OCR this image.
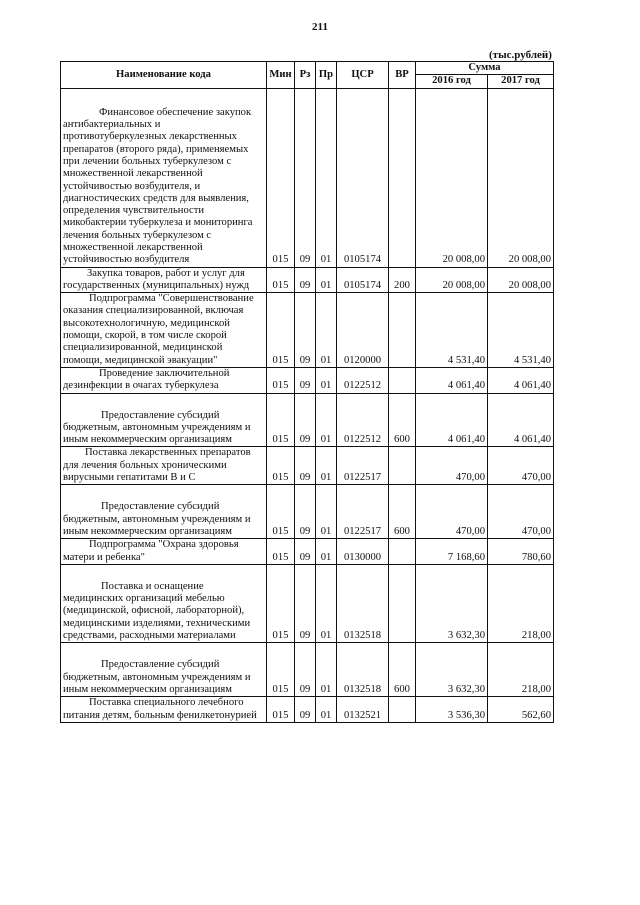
211
(тыс.рублей)
Наименование кода	Мин	Рз	Пр	ЦСР	ВР	Сумма	
						2016 год	2017 год
Финансовое обеспечение закупок антибактериальных и противотуберкулезных лекарственных препаратов (второго ряда), применяемых при лечении больных туберкулезом с множественной лекарственной устойчивостью возбудителя, и диагностических средств для выявления, определения чувствительности микобактерии туберкулеза и мониторинга лечения больных туберкулезом с множественной лекарственной устойчивостью возбудителя	015	09	01	0105174		20 008,00	20 008,00
Закупка товаров, работ и услуг для государственных (муниципальных) нужд	015	09	01	0105174	200	20 008,00	20 008,00
Подпрограмма "Совершенствование оказания специализированной, включая высокотехнологичную, медицинской помощи, скорой, в том числе скорой специализированной, медицинской помощи, медицинской эвакуации"	015	09	01	0120000		4 531,40	4 531,40
Проведение заключительной дезинфекции в очагах туберкулеза	015	09	01	0122512		4 061,40	4 061,40
Предоставление субсидий бюджетным, автономным учреждениям и иным некоммерческим организациям	015	09	01	0122512	600	4 061,40	4 061,40
Поставка лекарственных препаратов для лечения больных хроническими вирусными гепатитами В и С	015	09	01	0122517		470,00	470,00
Предоставление субсидий бюджетным, автономным учреждениям и иным некоммерческим организациям	015	09	01	0122517	600	470,00	470,00
Подпрограмма "Охрана здоровья матери и ребенка"	015	09	01	0130000		7 168,60	780,60
Поставка и оснащение медицинских организаций мебелью (медицинской, офисной, лабораторной), медицинскими изделиями, техническими средствами, расходными материалами	015	09	01	0132518		3 632,30	218,00
Предоставление субсидий бюджетным, автономным учреждениям и иным некоммерческим организациям	015	09	01	0132518	600	3 632,30	218,00
Поставка специального лечебного питания детям, больным фенилкетонурией	015	09	01	0132521		3 536,30	562,60
